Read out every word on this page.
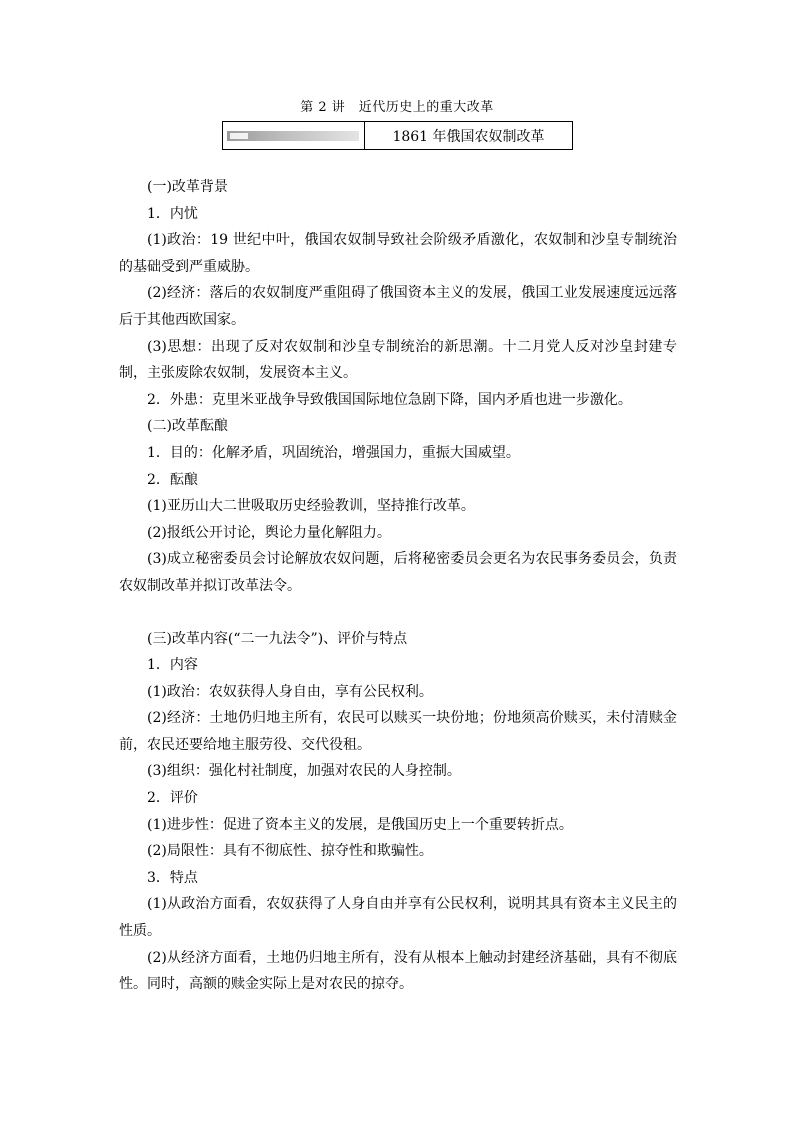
第 2 讲　近代历史上的重大改革
1861 年俄国农奴制改革

(一)改革背景

1．内忧

(1)政治：19 世纪中叶，俄国农奴制导致社会阶级矛盾激化，农奴制和沙皇专制统治的基础受到严重威胁。

(2)经济：落后的农奴制度严重阻碍了俄国资本主义的发展，俄国工业发展速度远远落后于其他西欧国家。

(3)思想：出现了反对农奴制和沙皇专制统治的新思潮。十二月党人反对沙皇封建专制，主张废除农奴制，发展资本主义。

2．外患：克里米亚战争导致俄国国际地位急剧下降，国内矛盾也进一步激化。

(二)改革酝酿

1．目的：化解矛盾，巩固统治，增强国力，重振大国威望。

2．酝酿

(1)亚历山大二世吸取历史经验教训，坚持推行改革。

(2)报纸公开讨论，舆论力量化解阻力。

(3)成立秘密委员会讨论解放农奴问题，后将秘密委员会更名为农民事务委员会，负责农奴制改革并拟订改革法令。

(三)改革内容(“二一九法令”)、评价与特点

1．内容

(1)政治：农奴获得人身自由，享有公民权利。

(2)经济：土地仍归地主所有，农民可以赎买一块份地；份地须高价赎买，未付清赎金前，农民还要给地主服劳役、交代役租。

(3)组织：强化村社制度，加强对农民的人身控制。

2．评价

(1)进步性：促进了资本主义的发展，是俄国历史上一个重要转折点。

(2)局限性：具有不彻底性、掠夺性和欺骗性。

3．特点

(1)从政治方面看，农奴获得了人身自由并享有公民权利，说明其具有资本主义民主的性质。

(2)从经济方面看，土地仍归地主所有，没有从根本上触动封建经济基础，具有不彻底性。同时，高额的赎金实际上是对农民的掠夺。
